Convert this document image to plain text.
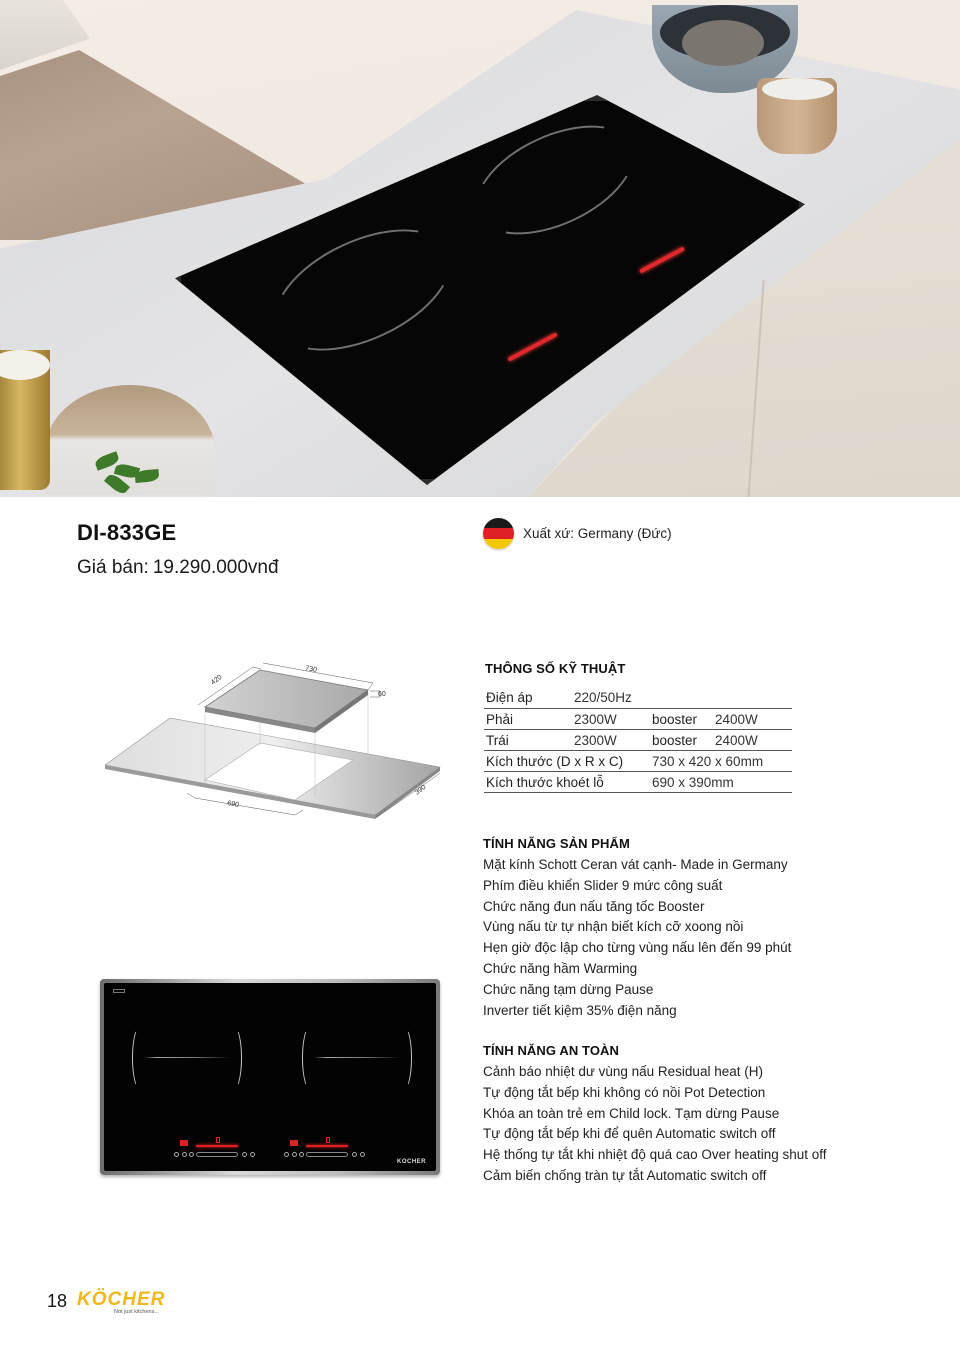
DI-833GE
Giá bán: 19.290.000vnđ
Xuất xứ: Germany (Đức)
730
420
60
690
390
THÔNG SỐ KỸ THUẬT
Điện áp	220/50Hz
Phải	2300W	booster	2400W
Trái	2300W	booster	2400W
Kích thước (D x R x C)	730 x 420 x 60mm
Kích thước khoét lỗ	690 x 390mm
TÍNH NĂNG SẢN PHẨM
Mặt kính Schott Ceran vát cạnh- Made in Germany
Phím điều khiển Slider 9 mức công suất
Chức năng đun nấu tăng tốc Booster
Vùng nấu từ tự nhận biết kích cỡ xoong nồi
Hẹn giờ độc lập cho từng vùng nấu lên đến 99 phút
Chức năng hầm Warming
Chức năng tạm dừng Pause
Inverter tiết kiệm 35% điện năng
TÍNH NĂNG AN TOÀN
Cảnh báo nhiệt dư vùng nấu Residual heat (H)
Tự động tắt bếp khi không có nồi Pot Detection
Khóa an toàn trẻ em Child lock. Tạm dừng Pause
Tự động tắt bếp khi để quên Automatic switch off
Hệ thống tự tắt khi nhiệt độ quá cao Over heating shut off
Cảm biến chống tràn tự tắt Automatic switch off
KOCHER
18 KÖCHER
Not just kitchens...
